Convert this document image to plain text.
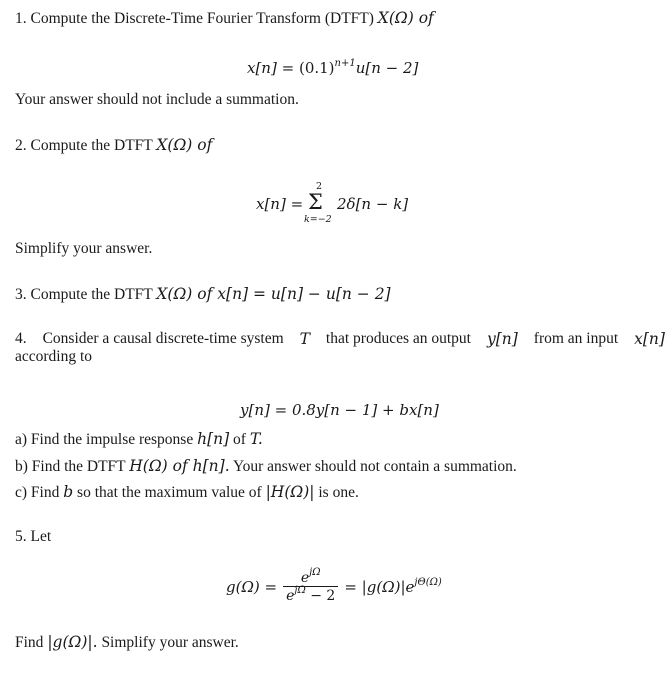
1. Compute the Discrete-Time Fourier Transform (DTFT) X(Ω) of
$x[n] = (0.1)^{n+1}u[n - 2]$
Your answer should not include a summation.
2. Compute the DTFT X(Ω) of
x[n] =
2
Σ
k=−2
2δ[n − k]
Simplify your answer.
3. Compute the DTFT X(Ω) of x[n] = u[n] − u[n − 2]
4. Consider a causal discrete-time system T that produces an output y[n] from an input x[n]
according to
y[n] = 0.8y[n − 1] + bx[n]
a) Find the impulse response h[n] of T.
b) Find the DTFT H(Ω) of h[n]. Your answer should not contain a summation.
c) Find b so that the maximum value of |H(Ω)| is one.
5. Let
$g(\Omega) = \frac{e^{j\Omega}}{e^{j\Omega} - 2} = |g(\Omega)|e^{j\Theta(\Omega)}$
Find |g(Ω)|. Simplify your answer.
